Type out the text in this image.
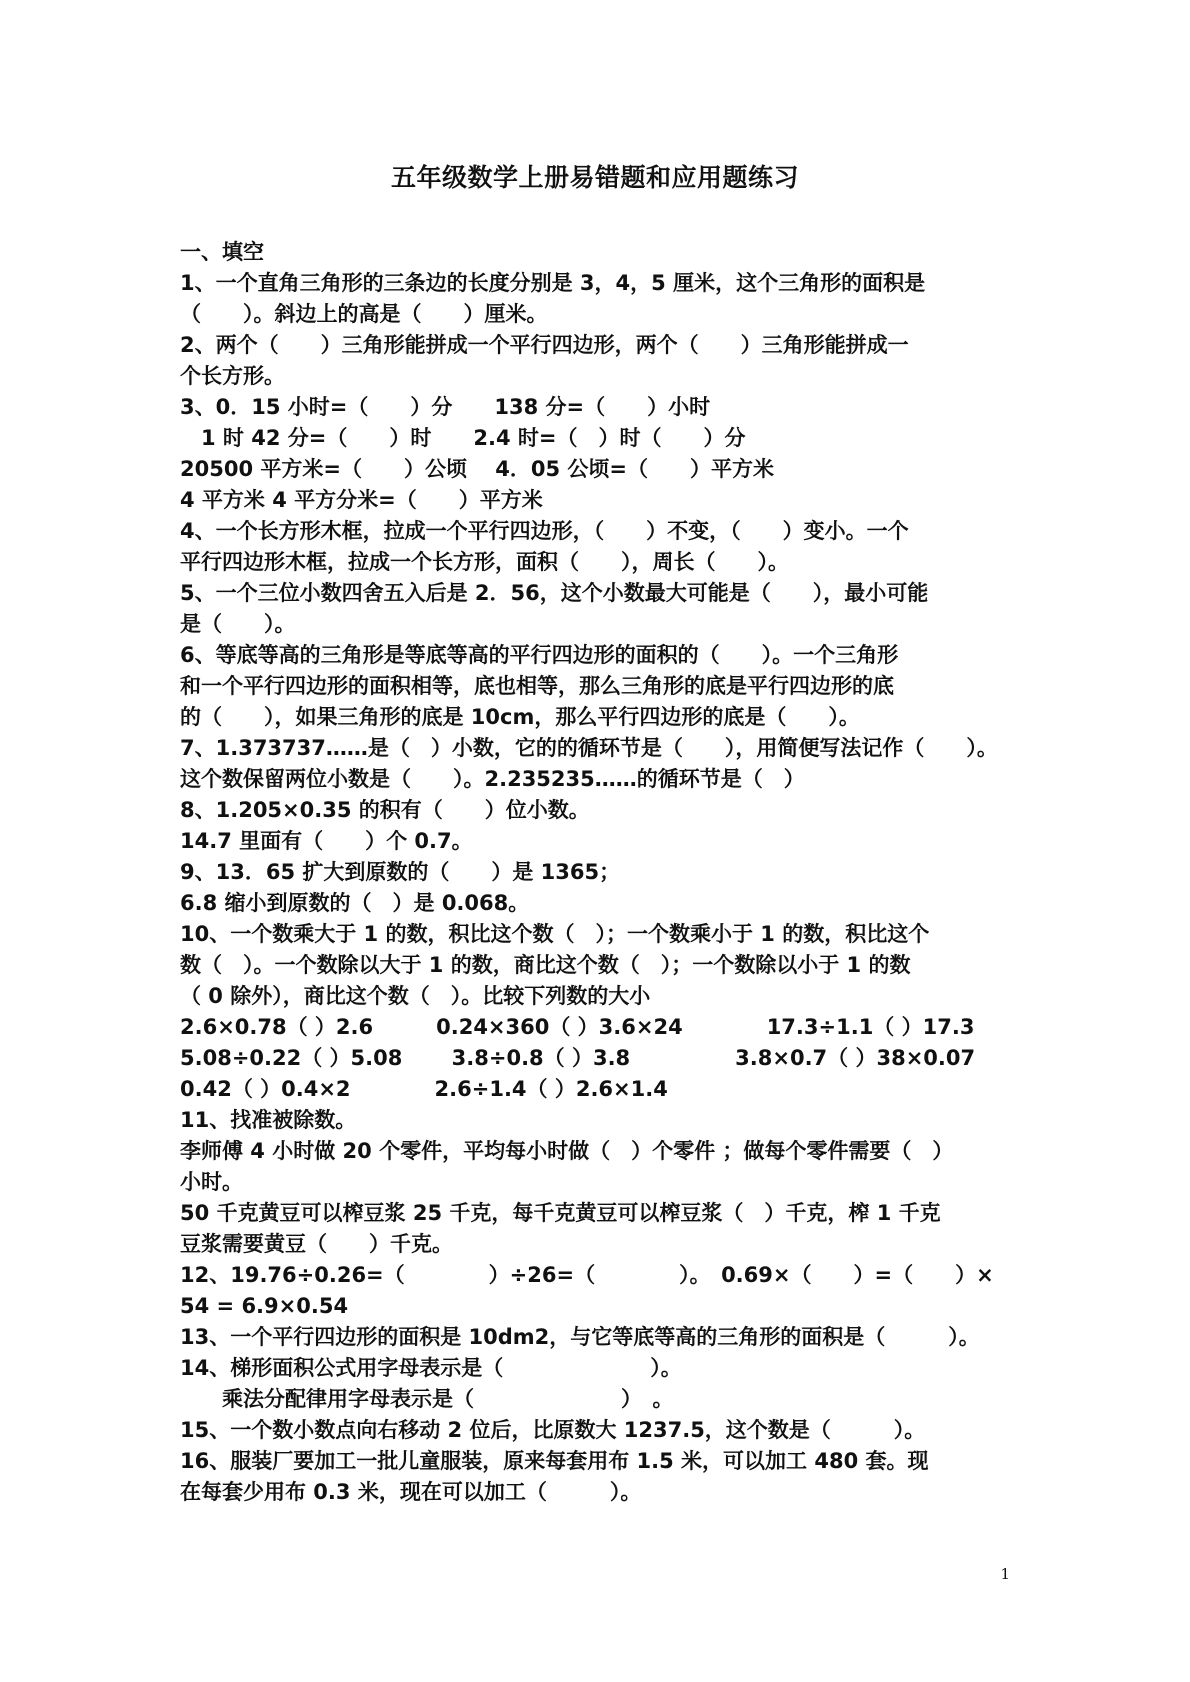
五年级数学上册易错题和应用题练习
一、填空
1、一个直角三角形的三条边的长度分别是 3，4，5 厘米，这个三角形的面积是
（　　）。斜边上的高是（　　）厘米。
2、两个（　　）三角形能拼成一个平行四边形，两个（　　）三角形能拼成一
个长方形。
3、0．15 小时=（　　）分　　138 分=（　　）小时
　1 时 42 分=（　　）时　　2.4 时=（　）时（　　）分
20500 平方米=（　　）公顷　 4．05 公顷=（　　）平方米
4 平方米 4 平方分米=（　　）平方米
4、一个长方形木框，拉成一个平行四边形，（　　）不变，（　　）变小。一个
平行四边形木框，拉成一个长方形，面积（　　），周长（　　）。
5、一个三位小数四舍五入后是 2．56，这个小数最大可能是（　　），最小可能
是（　　）。
6、等底等高的三角形是等底等高的平行四边形的面积的（　　）。一个三角形
和一个平行四边形的面积相等，底也相等，那么三角形的底是平行四边形的底
的（　　），如果三角形的底是 10cm，那么平行四边形的底是（　　）。
7、1.373737……是（　）小数，它的的循环节是（　　），用简便写法记作（　　）。
这个数保留两位小数是（　　）。2.235235……的循环节是（　）
8、1.205×0.35 的积有（　　）位小数。
14.7 里面有（　　）个 0.7。
9、13．65 扩大到原数的（　　）是 1365；
6.8 缩小到原数的（　）是 0.068。
10、一个数乘大于 1 的数，积比这个数（　）；一个数乘小于 1 的数，积比这个
数（　）。一个数除以大于 1 的数，商比这个数（　）；一个数除以小于 1 的数
（ 0 除外），商比这个数（　）。比较下列数的大小
2.6×0.78（ ）2.6　　　0.24×360（ ）3.6×24　　　　17.3÷1.1（ ）17.3
5.08÷0.22（ ）5.08　　 3.8÷0.8（ ）3.8　　　　　3.8×0.7（ ）38×0.07
0.42（ ）0.4×2　　　　2.6÷1.4（ ）2.6×1.4
11、找准被除数。
李师傅 4 小时做 20 个零件，平均每小时做（　）个零件 ；做每个零件需要（　）
小时。
50 千克黄豆可以榨豆浆 25 千克，每千克黄豆可以榨豆浆（　）千克，榨 1 千克
豆浆需要黄豆（　　）千克。
12、19.76÷0.26=（　　　　）÷26=（　　　　）。　0.69×（　　）=（　　）×
54 = 6.9×0.54
13、一个平行四边形的面积是 10dm2，与它等底等高的三角形的面积是（　　　）。
14、梯形面积公式用字母表示是（　　　　　　　）。
　　乘法分配律用字母表示是（　　　　　　　）　。
15、一个数小数点向右移动 2 位后，比原数大 1237.5，这个数是（　　　）。
16、服装厂要加工一批儿童服装，原来每套用布 1.5 米，可以加工 480 套。现
在每套少用布 0.3 米，现在可以加工（　　　）。
1
